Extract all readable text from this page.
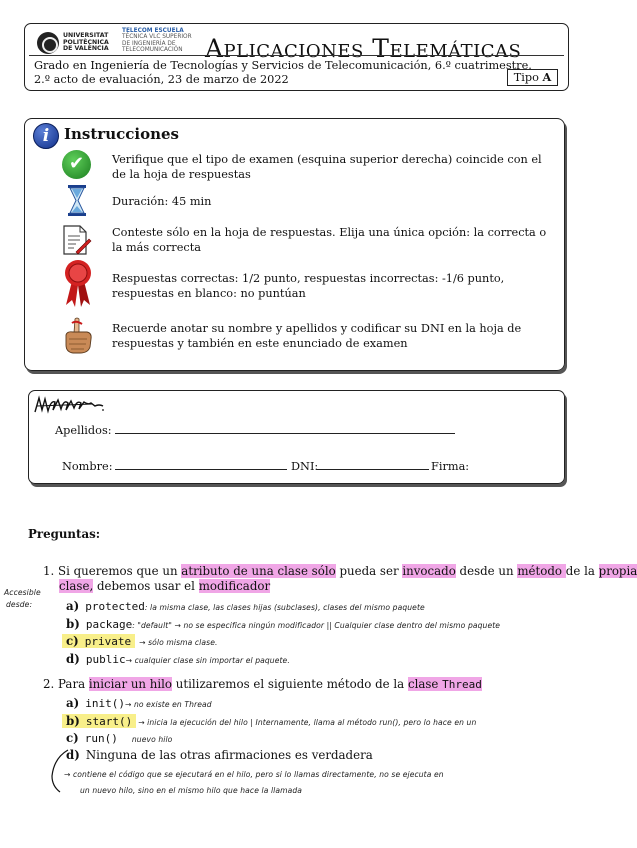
UNIVERSITAT
POLITÈCNICA
DE VALÈNCIA
TELECOM ESCUELA
TÉCNICA VLC SUPERIOR
DE INGENIERÍA DE
TELECOMUNICACIÓN Aplicaciones Telemáticas
Grado en Ingeniería de Tecnologías y Servicios de Telecomunicación, 6.º cuatrimestre.
2.º acto de evaluación, 23 de marzo de 2022	Tipo A
i Instrucciones
✔	Verifique que el tipo de examen (esquina superior derecha) coincide con el de la hoja de respuestas
Duración: 45 min
Conteste sólo en la hoja de respuestas. Elija una única opción: la correcta o la más correcta
Respuestas correctas: 1/2 punto, respuestas incorrectas: -1/6 punto, respuestas en blanco: no puntúan
Recuerde anotar su nombre y apellidos y codificar su DNI en la hoja de respuestas y también en este enunciado de examen
Apellidos:
Nombre:	DNI:	Firma:
Preguntas:
1. Si queremos que un atributo de una clase sólo pueda ser invocado desde un método de la propia
clase, debemos usar el modificador
Accesible
desde:	a) protected: la misma clase, las clases hijas (subclases), clases del mismo paquete
b) package: "default" → no se especifica ningún modificador || Cualquier clase dentro del mismo paquete
c) private → sólo misma clase.
d) public→ cualquier clase sin importar el paquete.
2. Para iniciar un hilo utilizaremos el siguiente método de la clase Thread
a) init()→ no existe en Thread
b) start() → inicia la ejecución del hilo | Internamente, llama al método run(), pero lo hace en un
c) run() nuevo hilo
d) Ninguna de las otras afirmaciones es verdadera
→ contiene el código que se ejecutará en el hilo, pero si lo llamas directamente, no se ejecuta en
un nuevo hilo, sino en el mismo hilo que hace la llamada
